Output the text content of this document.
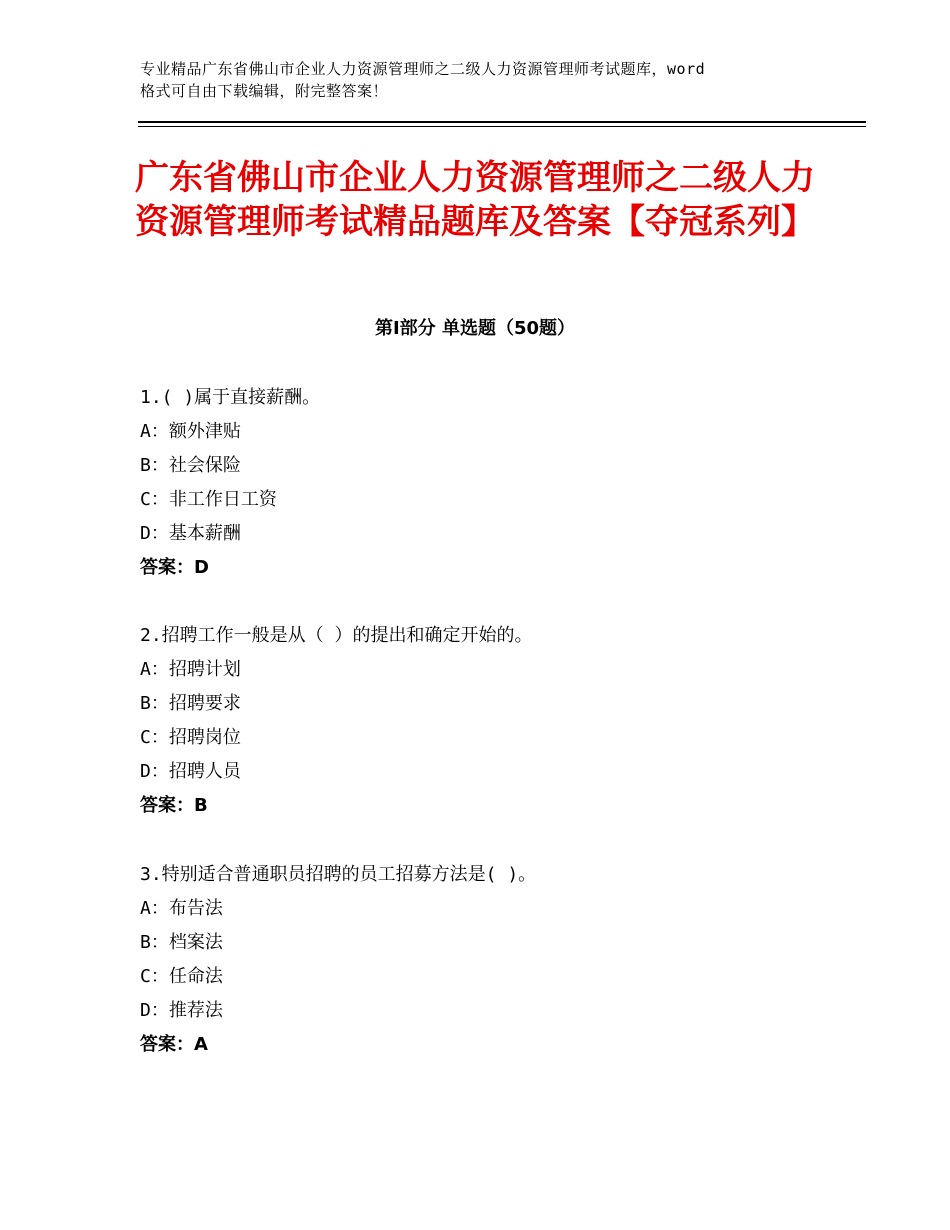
专业精品广东省佛山市企业人力资源管理师之二级人力资源管理师考试题库，word
格式可自由下载编辑，附完整答案！
广东省佛山市企业人力资源管理师之二级人力资源管理师考试精品题库及答案【夺冠系列】
第Ⅰ部分 单选题（50题）
1.( )属于直接薪酬。
A：额外津贴
B：社会保险
C：非工作日工资
D：基本薪酬
答案：D
2.招聘工作一般是从（ ）的提出和确定开始的。
A：招聘计划
B：招聘要求
C：招聘岗位
D：招聘人员
答案：B
3.特别适合普通职员招聘的员工招募方法是( )。
A：布告法
B：档案法
C：任命法
D：推荐法
答案：A
